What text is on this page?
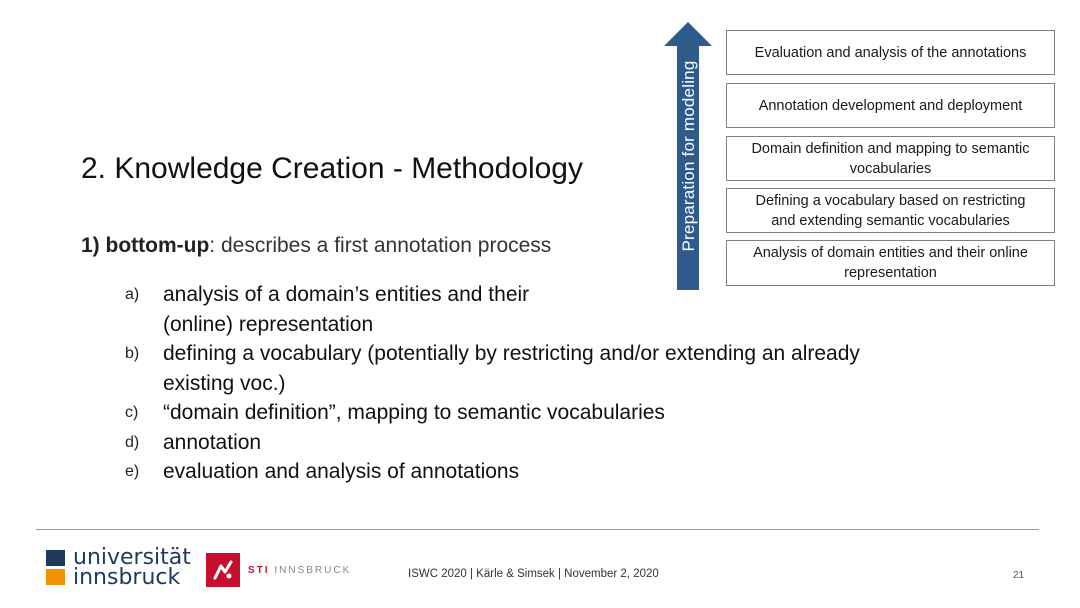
2. Knowledge Creation - Methodology
1) bottom-up: describes a first annotation process
a)	analysis of a domain’s entities and their
(online) representation
b)	defining a vocabulary (potentially by restricting and/or extending an already
existing voc.)
c)	“domain definition”, mapping to semantic vocabularies
d)	annotation
e)	evaluation and analysis of annotations
Preparation for modeling
Evaluation and analysis of the annotations
Annotation development and deployment
Domain definition and mapping to semantic
vocabularies
Defining a vocabulary based on restricting
and extending semantic vocabularies
Analysis of domain entities and their online
representation
universität
innsbruck	STI INNSBRUCK	ISWC 2020 | Kärle & Simsek | November 2, 2020	21
